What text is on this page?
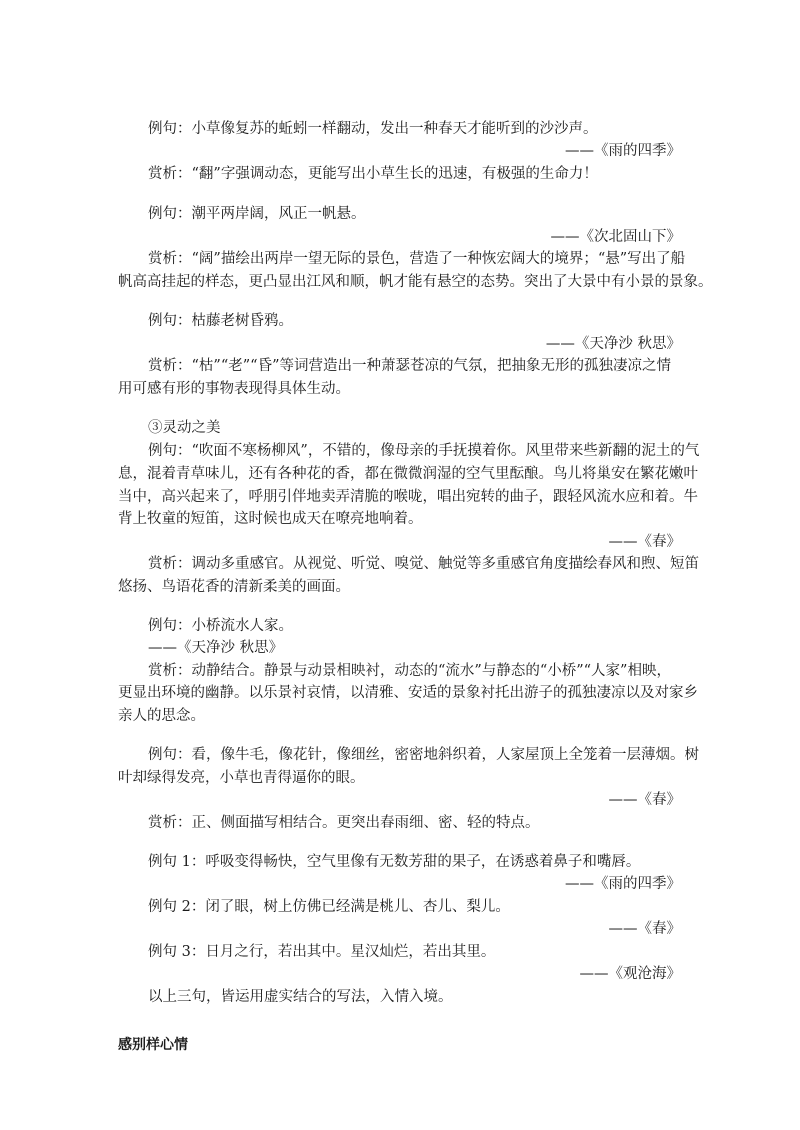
例句：小草像复苏的蚯蚓一样翻动，发出一种春天才能听到的沙沙声。
——《雨的四季》
赏析：“翻”字强调动态，更能写出小草生长的迅速，有极强的生命力！
例句：潮平两岸阔，风正一帆悬。
——《次北固山下》
赏析：“阔”描绘出两岸一望无际的景色，营造了一种恢宏阔大的境界；“悬”写出了船
帆高高挂起的样态，更凸显出江风和顺，帆才能有悬空的态势。突出了大景中有小景的景象。
例句：枯藤老树昏鸦。
——《天净沙 秋思》
赏析：“枯”“老”“昏”等词营造出一种萧瑟苍凉的气氛，把抽象无形的孤独凄凉之情
用可感有形的事物表现得具体生动。
③灵动之美
例句：“吹面不寒杨柳风”，不错的，像母亲的手抚摸着你。风里带来些新翻的泥土的气
息，混着青草味儿，还有各种花的香，都在微微润湿的空气里酝酿。鸟儿将巢安在繁花嫩叶
当中，高兴起来了，呼朋引伴地卖弄清脆的喉咙，唱出宛转的曲子，跟轻风流水应和着。牛
背上牧童的短笛，这时候也成天在嘹亮地响着。
——《春》
赏析：调动多重感官。从视觉、听觉、嗅觉、触觉等多重感官角度描绘春风和煦、短笛
悠扬、鸟语花香的清新柔美的画面。
例句：小桥流水人家。
——《天净沙 秋思》
赏析：动静结合。静景与动景相映衬，动态的“流水”与静态的“小桥”“人家”相映，
更显出环境的幽静。以乐景衬哀情，以清雅、安适的景象衬托出游子的孤独凄凉以及对家乡
亲人的思念。
例句：看，像牛毛，像花针，像细丝，密密地斜织着，人家屋顶上全笼着一层薄烟。树
叶却绿得发亮，小草也青得逼你的眼。
——《春》
赏析：正、侧面描写相结合。更突出春雨细、密、轻的特点。
例句 1：呼吸变得畅快，空气里像有无数芳甜的果子，在诱惑着鼻子和嘴唇。
——《雨的四季》
例句 2：闭了眼，树上仿佛已经满是桃儿、杏儿、梨儿。
——《春》
例句 3：日月之行，若出其中。星汉灿烂，若出其里。
——《观沧海》
以上三句，皆运用虚实结合的写法，入情入境。
感别样心情
